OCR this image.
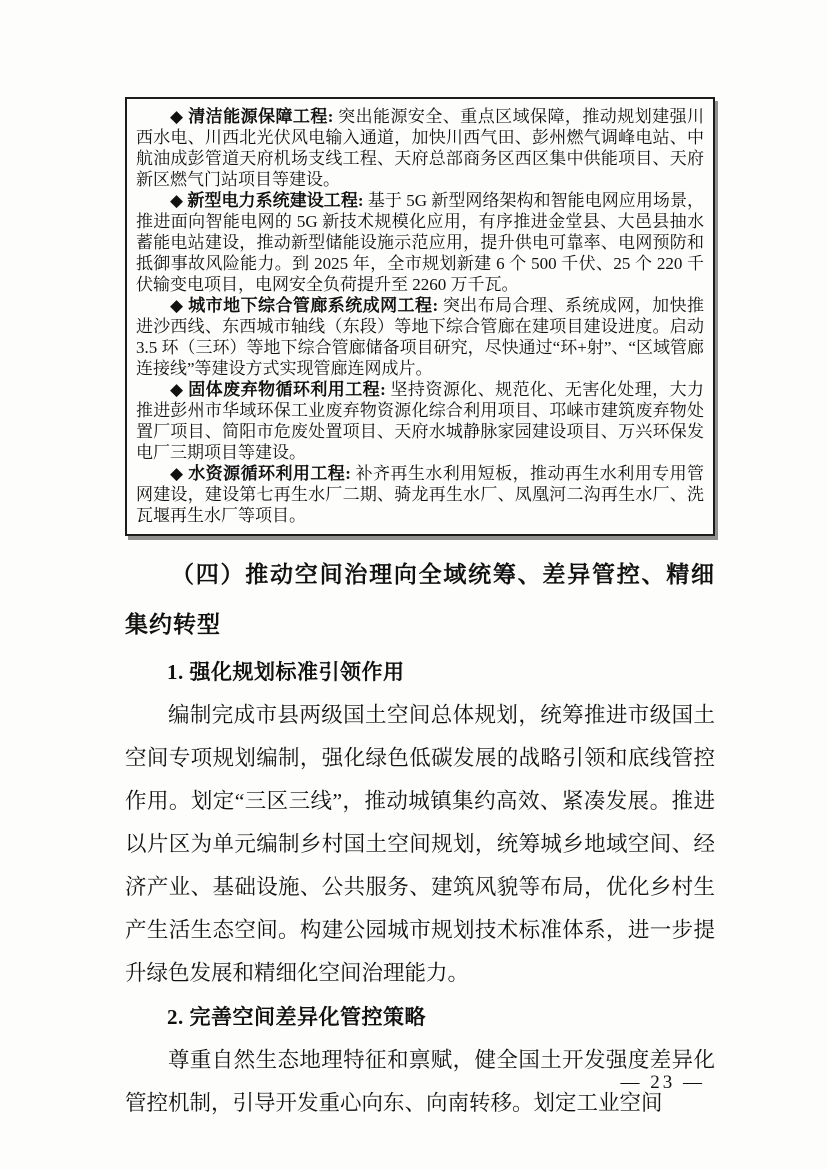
◆ 清洁能源保障工程: 突出能源安全、重点区域保障，推动规划建强川西水电、川西北光伏风电输入通道，加快川西气田、彭州燃气调峰电站、中航油成彭管道天府机场支线工程、天府总部商务区西区集中供能项目、天府新区燃气门站项目等建设。

◆ 新型电力系统建设工程: 基于 5G 新型网络架构和智能电网应用场景，推进面向智能电网的 5G 新技术规模化应用，有序推进金堂县、大邑县抽水蓄能电站建设，推动新型储能设施示范应用，提升供电可靠率、电网预防和抵御事故风险能力。到 2025 年，全市规划新建 6 个 500 千伏、25 个 220 千伏输变电项目，电网安全负荷提升至 2260 万千瓦。

◆ 城市地下综合管廊系统成网工程: 突出布局合理、系统成网，加快推进沙西线、东西城市轴线（东段）等地下综合管廊在建项目建设进度。启动 3.5 环（三环）等地下综合管廊储备项目研究，尽快通过“环+射”、“区域管廊连接线”等建设方式实现管廊连网成片。

◆ 固体废弃物循环利用工程: 坚持资源化、规范化、无害化处理，大力推进彭州市华域环保工业废弃物资源化综合利用项目、邛崃市建筑废弃物处置厂项目、简阳市危废处置项目、天府水城静脉家园建设项目、万兴环保发电厂三期项目等建设。

◆ 水资源循环利用工程: 补齐再生水利用短板，推动再生水利用专用管网建设，建设第七再生水厂二期、骑龙再生水厂、凤凰河二沟再生水厂、洗瓦堰再生水厂等项目。

（四）推动空间治理向全域统筹、差异管控、精细集约转型

1. 强化规划标准引领作用

编制完成市县两级国土空间总体规划，统筹推进市级国土空间专项规划编制，强化绿色低碳发展的战略引领和底线管控作用。划定“三区三线”，推动城镇集约高效、紧凑发展。推进以片区为单元编制乡村国土空间规划，统筹城乡地域空间、经济产业、基础设施、公共服务、建筑风貌等布局，优化乡村生产生活生态空间。构建公园城市规划技术标准体系，进一步提升绿色发展和精细化空间治理能力。

2. 完善空间差异化管控策略

尊重自然生态地理特征和禀赋，健全国土开发强度差异化管控机制，引导开发重心向东、向南转移。划定工业空间

— 23 —
